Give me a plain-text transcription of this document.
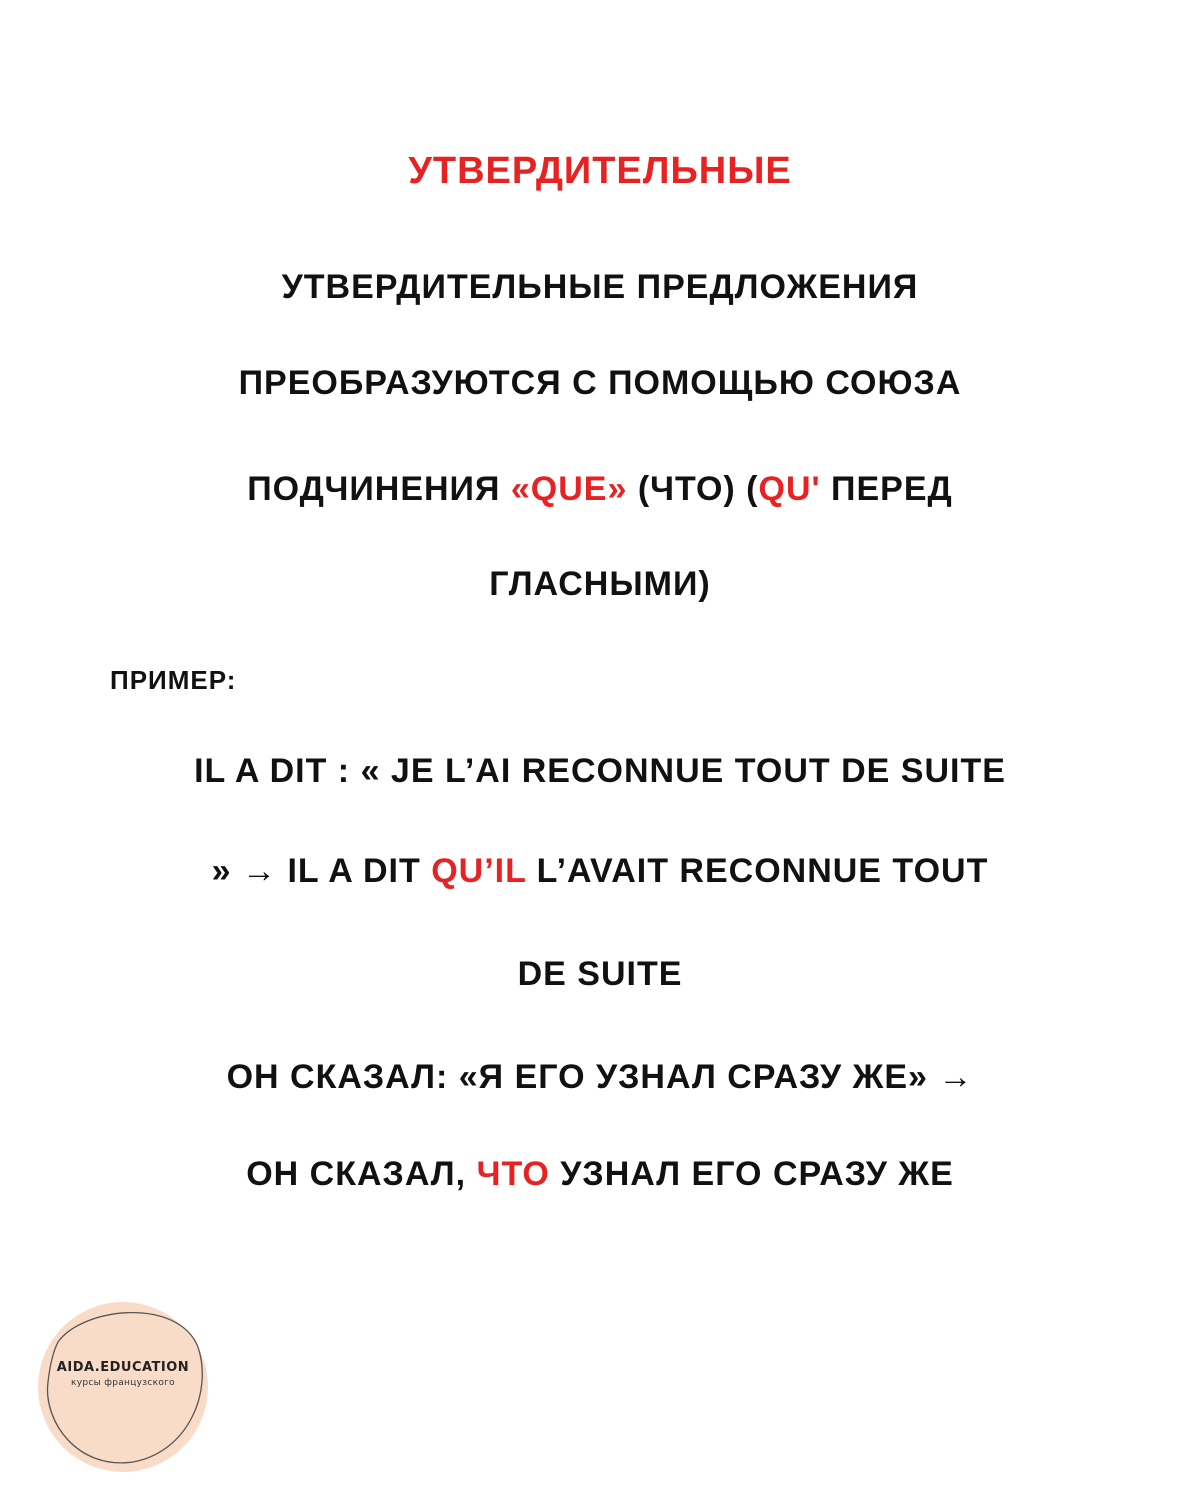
УТВЕРДИТЕЛЬНЫЕ
УТВЕРДИТЕЛЬНЫЕ ПРЕДЛОЖЕНИЯ
ПРЕОБРАЗУЮТСЯ С ПОМОЩЬЮ СОЮЗА
ПОДЧИНЕНИЯ «QUE» (ЧТО) (QU' ПЕРЕД
ГЛАСНЫМИ)
ПРИМЕР:
IL A DIT : « JE L’AI RECONNUE TOUT DE SUITE
» → IL A DIT QU’IL L’AVAIT RECONNUE TOUT
DE SUITE
ОН СКАЗАЛ: «Я ЕГО УЗНАЛ СРАЗУ ЖЕ» →
ОН СКАЗАЛ, ЧТО УЗНАЛ ЕГО СРАЗУ ЖЕ
AIDA.EDUCATION
курсы французского
